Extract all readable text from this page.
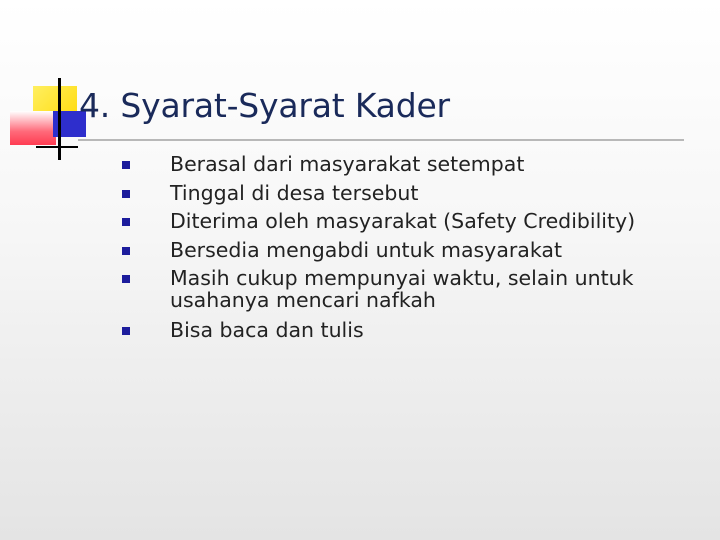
4. Syarat-Syarat Kader
Berasal dari masyarakat setempat
Tinggal di desa tersebut
Diterima oleh masyarakat (Safety Credibility)
Bersedia mengabdi untuk masyarakat
Masih cukup mempunyai waktu, selain untuk usahanya mencari nafkah
Bisa baca dan tulis
